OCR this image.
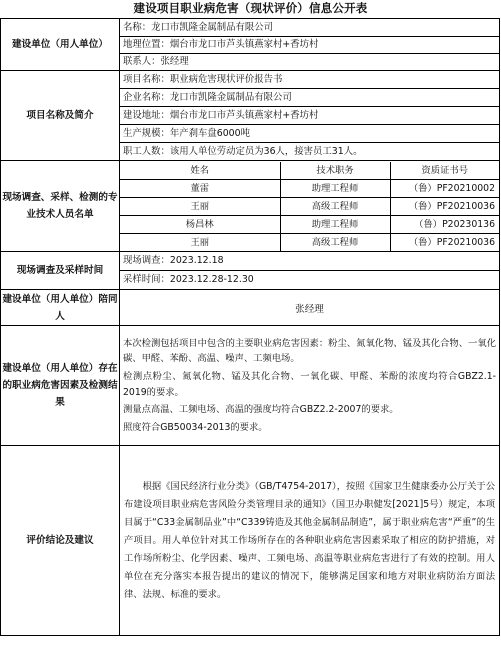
建设项目职业病危害（现状评价）信息公开表
建设单位（用人单位）	
名称：龙口市凯隆金属制品有限公司
地理位置：烟台市龙口市芦头镇燕家村+香坊村
联系人：张经理

项目名称及简介	
项目名称：职业病危害现状评价报告书
企业名称：龙口市凯隆金属制品有限公司
建设地址：烟台市龙口市芦头镇燕家村+香坊村
生产规模：年产刹车盘6000吨
职工人数：该用人单位劳动定员为36人，接害员工31人。

现场调查、采样、检测的专业技术人员名单	
姓名	技术职务	资质证书号
董雷	助理工程师	（鲁）PF20210002
王丽	高级工程师	（鲁）PF20210036
杨昌林	助理工程师	（鲁）P20230136
王丽	高级工程师	（鲁）PF20210036

现场调查及采样时间	
现场调查：2023.12.18
采样时间：2023.12.28-12.30

建设单位（用人单位）陪同人	张经理
建设单位（用人单位）存在的职业病危害因素及检测结果	
本次检测包括项目中包含的主要职业病危害因素：粉尘、氮氧化物、锰及其化合物、一氧化碳、甲醛、苯酚、高温、噪声、工频电场。
检测点粉尘、氮氧化物、锰及其化合物、一氧化碳、甲醛、苯酚的浓度均符合GBZ2.1-2019的要求。
测量点高温、工频电场、高温的强度均符合GBZ2.2-2007的要求。
照度符合GB50034-2013的要求。

评价结论及建议	
根据《国民经济行业分类》（GB/T4754-2017），按照《国家卫生健康委办公厅关于公布建设项目职业病危害风险分类管理目录的通知》（国卫办职健发[2021]5号）规定，本项目属于“C33金属制品业”中“C339铸造及其他金属制品制造”，属于职业病危害“严重”的生产项目。用人单位针对其工作场所存在的各种职业病危害因素采取了相应的防护措施，对工作场所粉尘、化学因素、噪声、工频电场、高温等职业病危害进行了有效的控制。用人单位在充分落实本报告提出的建议的情况下，能够满足国家和地方对职业病防治方面法律、法规、标准的要求。
